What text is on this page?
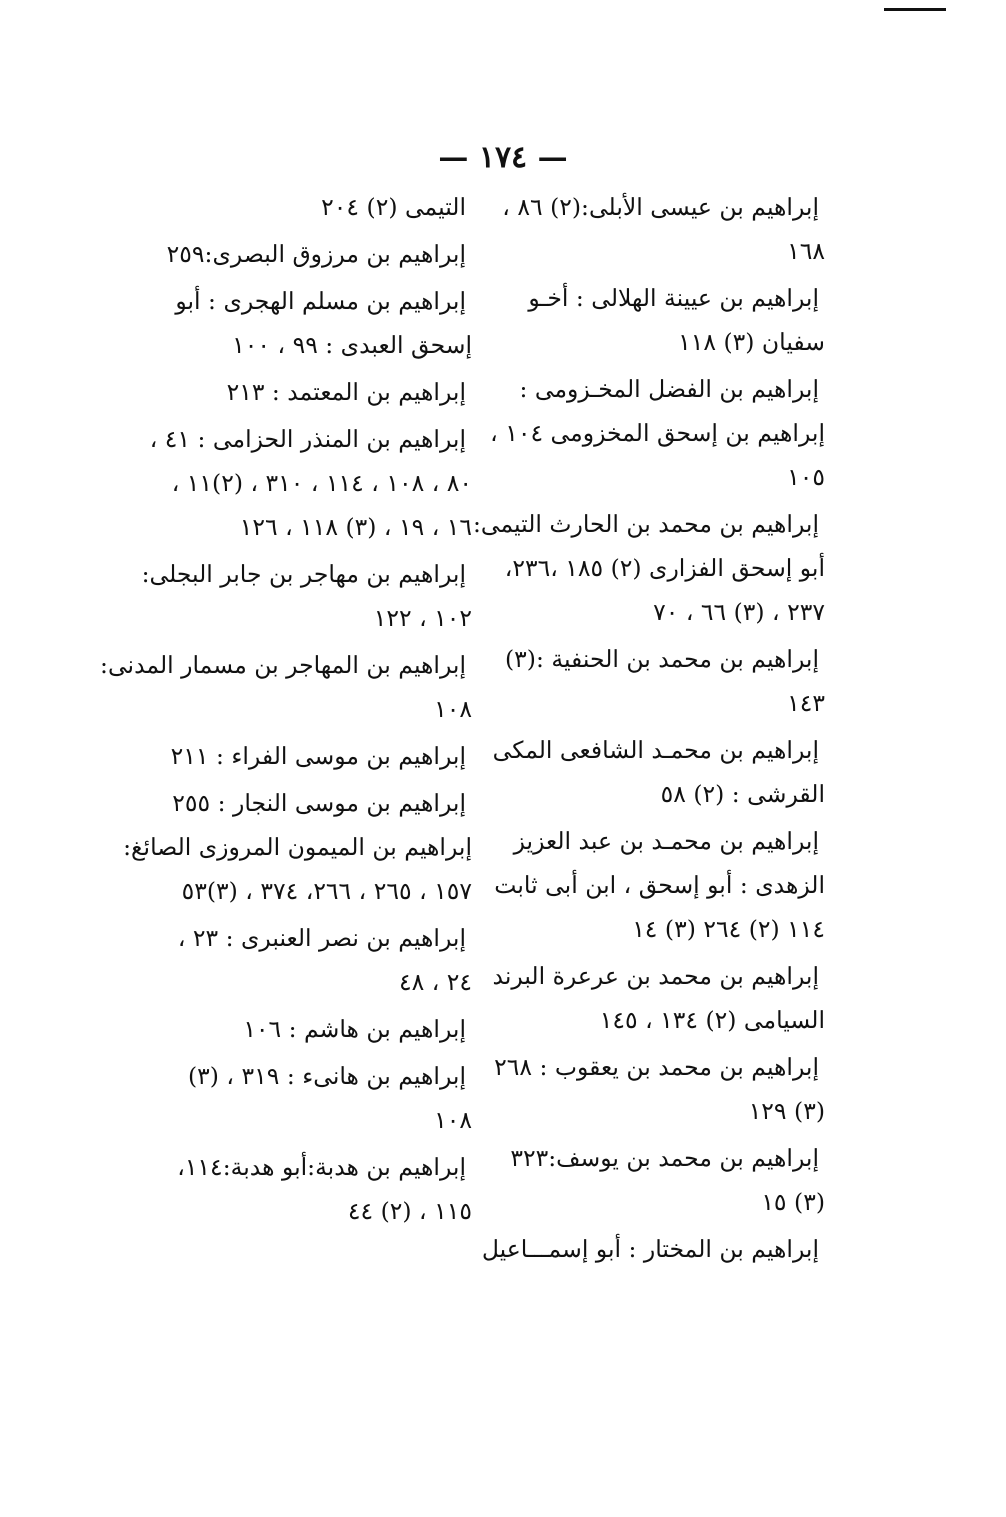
— ١٧٤ —
إبراهيم بن عيسى الأبلى:(٢) ٨٦ ،
١٦٨
إبراهيم بن عيينة الهلالى : أخـو
سفيان (٣) ١١٨
إبراهيم بن الفضل المخـزومى :
إبراهيم بن إسحق المخزومى ١٠٤ ،
١٠٥
إبراهيم بن محمد بن الحارث التيمى:
أبو إسحق الفزارى (٢) ١٨٥ ،٢٣٦،
٢٣٧ ، (٣) ٦٦ ، ٧٠
إبراهيم بن محمد بن الحنفية :(٣)
١٤٣
إبراهيم بن محمـد الشافعى المكى
القرشى : (٢) ٥٨
إبراهيم بن محمـد بن عبد العزيز
الزهدى : أبو إسحق ، ابن أبى ثابت
١١٤ (٢) ٢٦٤ (٣) ١٤
إبراهيم بن محمد بن عرعرة البرند
السيامى (٢) ١٣٤ ، ١٤٥
إبراهيم بن محمد بن يعقوب : ٢٦٨
(٣) ١٢٩
إبراهيم بن محمد بن يوسف:٣٢٣
(٣) ١٥
إبراهيم بن المختار : أبو إسمـــاعيل
التيمى (٢) ٢٠٤
إبراهيم بن مرزوق البصرى:٢٥٩
إبراهيم بن مسلم الهجرى : أبو
إسحق العبدى : ٩٩ ، ١٠٠
إبراهيم بن المعتمد : ٢١٣
إبراهيم بن المنذر الحزامى : ٤١ ،
٨٠ ، ١٠٨ ، ١١٤ ، ٣١٠ ، (٢)١١ ،
١٦ ، ١٩ ، (٣) ١١٨ ، ١٢٦
إبراهيم بن مهاجر بن جابر البجلى:
١٠٢ ، ١٢٢
إبراهيم بن المهاجر بن مسمار المدنى:
١٠٨
إبراهيم بن موسى الفراء : ٢١١
إبراهيم بن موسى النجار : ٢٥٥
إبراهيم بن الميمون المروزى الصائغ:
١٥٧ ، ٢٦٥ ، ٢٦٦، ٣٧٤ ، (٣)٥٣
إبراهيم بن نصر العنبرى : ٢٣ ،
٢٤ ، ٤٨
إبراهيم بن هاشم : ١٠٦
إبراهيم بن هانىء : ٣١٩ ، (٣)
١٠٨
إبراهيم بن هدبة:أبو هدبة:١١٤،
١١٥ ، (٢) ٤٤
